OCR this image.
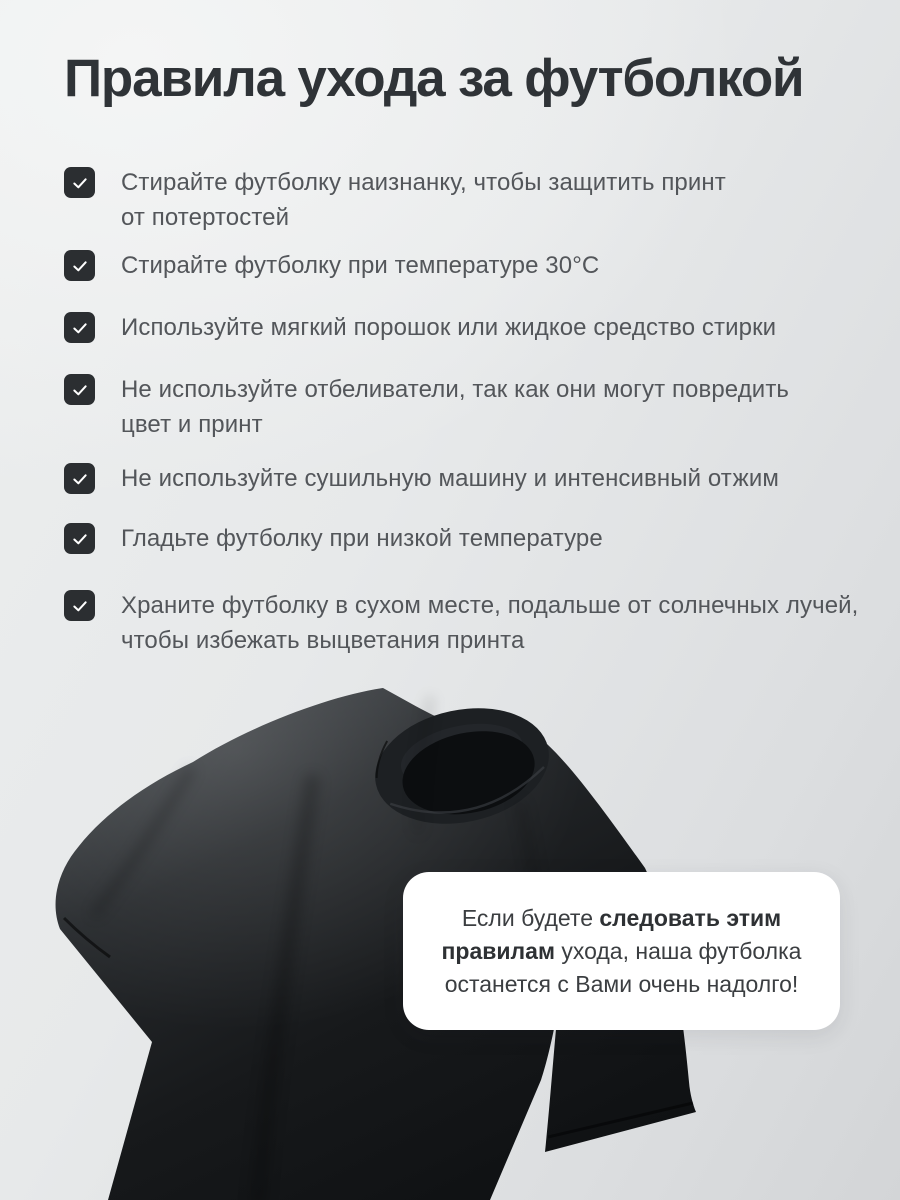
Правила ухода за футболкой
Стирайте футболку наизнанку, чтобы защитить принт
от потертостей
Стирайте футболку при температуре 30°C
Используйте мягкий порошок или жидкое средство стирки
Не используйте отбеливатели, так как они могут повредить
цвет и принт
Не используйте сушильную машину и интенсивный отжим
Гладьте футболку при низкой температуре
Храните футболку в сухом месте, подальше от солнечных лучей,
чтобы избежать выцветания принта
Если будете следовать этим правилам ухода, наша футболка останется с Вами очень надолго!
